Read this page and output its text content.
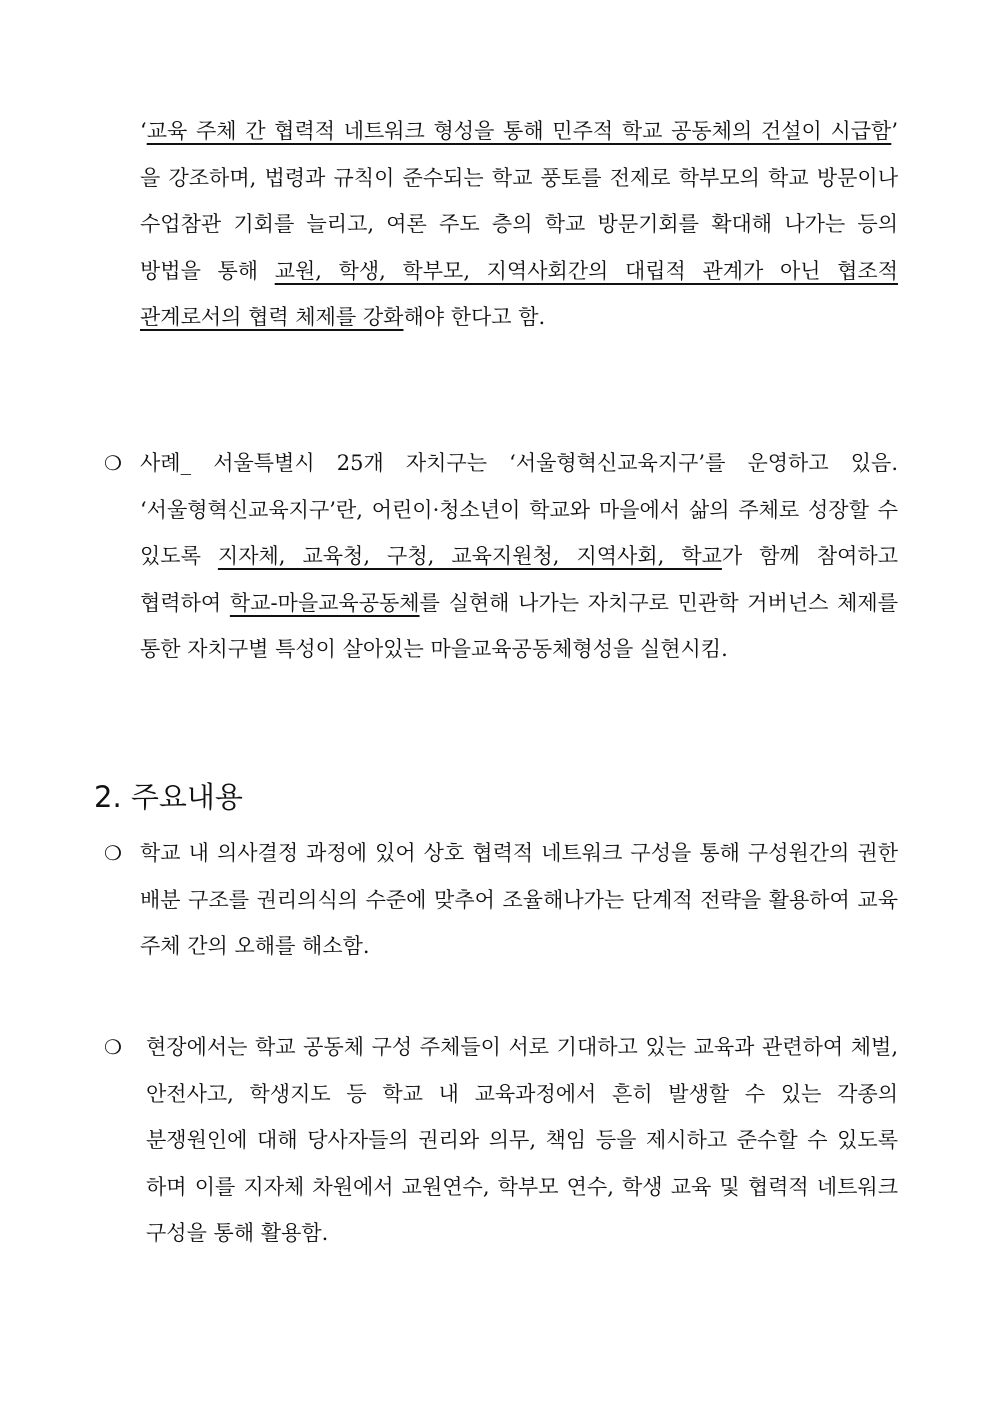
‘교육 주체 간 협력적 네트워크 형성을 통해 민주적 학교 공동체의 건설이 시급함’ 을 강조하며, 법령과 규칙이 준수되는 학교 풍토를 전제로 학부모의 학교 방문이나 수업참관 기회를 늘리고, 여론 주도 층의 학교 방문기회를 확대해 나가는 등의 방법을 통해 교원, 학생, 학부모, 지역사회간의 대립적 관계가 아닌 협조적 관계로서의 협력 체제를 강화해야 한다고 함.
❍ 사례_ 서울특별시 25개 자치구는 ‘서울형혁신교육지구’를 운영하고 있음. ‘서울형혁신교육지구’란, 어린이·청소년이 학교와 마을에서 삶의 주체로 성장할 수 있도록 지자체, 교육청, 구청, 교육지원청, 지역사회, 학교가 함께 참여하고 협력하여 학교-마을교육공동체를 실현해 나가는 자치구로 민관학 거버넌스 체제를 통한 자치구별 특성이 살아있는 마을교육공동체형성을 실현시킴.
2. 주요내용
❍ 학교 내 의사결정 과정에 있어 상호 협력적 네트워크 구성을 통해 구성원간의 권한 배분 구조를 권리의식의 수준에 맞추어 조율해나가는 단계적 전략을 활용하여 교육 주체 간의 오해를 해소함.
❍	현장에서는 학교 공동체 구성 주체들이 서로 기대하고 있는 교육과 관련하여 체벌, 안전사고, 학생지도 등 학교 내 교육과정에서 흔히 발생할 수 있는 각종의 분쟁원인에 대해 당사자들의 권리와 의무, 책임 등을 제시하고 준수할 수 있도록 하며 이를 지자체 차원에서 교원연수, 학부모 연수, 학생 교육 및 협력적 네트워크 구성을 통해 활용함.
